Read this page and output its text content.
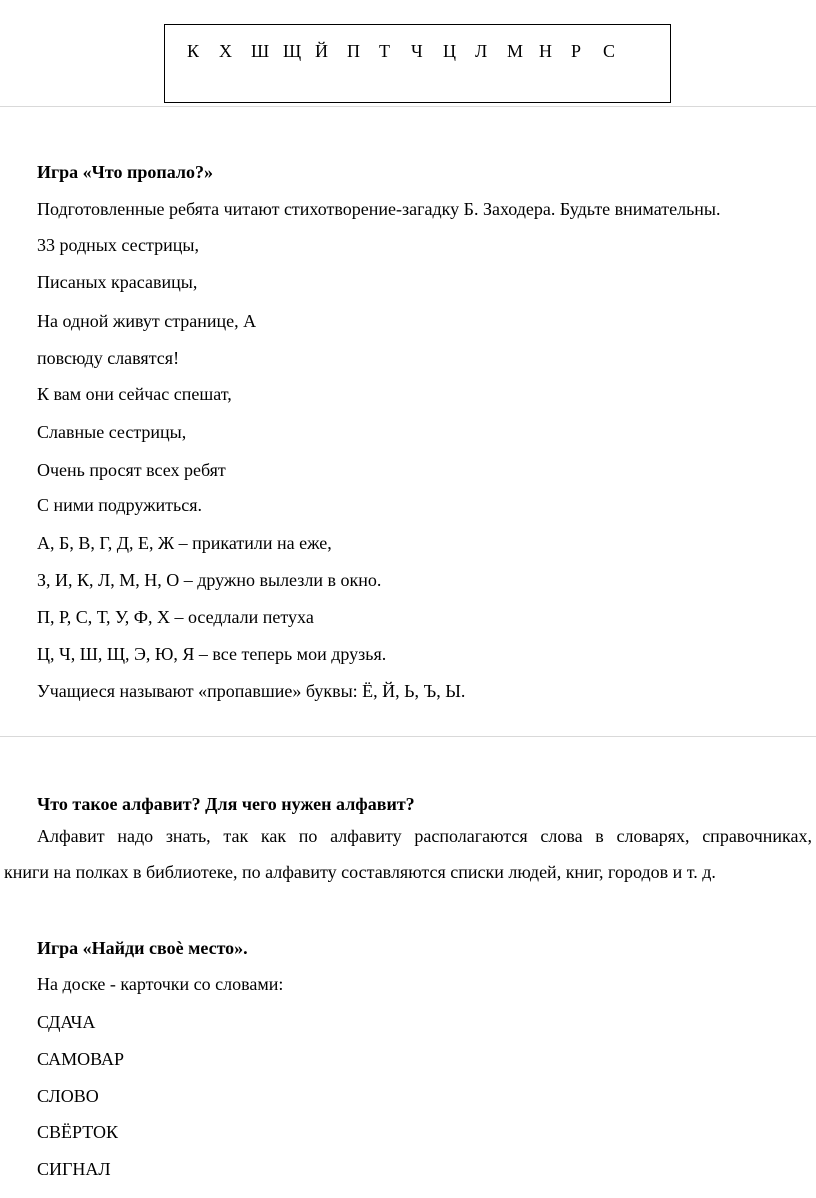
К	Х	Ш Щ Й	П	Т	Ч	Ц	Л	М Н	Р	С
Игра «Что пропало?»
Подготовленные ребята читают стихотворение-загадку Б. Заходера. Будьте внимательны.
33 родных сестрицы,
Писаных красавицы,
На одной живут странице, А
повсюду славятся!
К вам они сейчас спешат,
Славные сестрицы,
Очень просят всех ребят
С ними подружиться.
А, Б, В, Г, Д, Е, Ж – прикатили на еже,
З, И, К, Л, М, Н, О – дружно вылезли в окно.
П, Р, С, Т, У, Ф, Х – оседлали петуха
Ц, Ч, Ш, Щ, Э, Ю, Я – все теперь мои друзья.
Учащиеся называют «пропавшие» буквы: Ё, Й, Ь, Ъ, Ы.
Что такое алфавит? Для чего нужен алфавит?
Алфавит надо знать, так как по алфавиту располагаются слова в словарях, справочниках,
книги на полках в библиотеке, по алфавиту составляются списки людей, книг, городов и т. д.
Игра «Найди своѐ место».
На доске - карточки со словами:
СДАЧА
САМОВАР
СЛОВО
СВЁРТОК
СИГНАЛ
